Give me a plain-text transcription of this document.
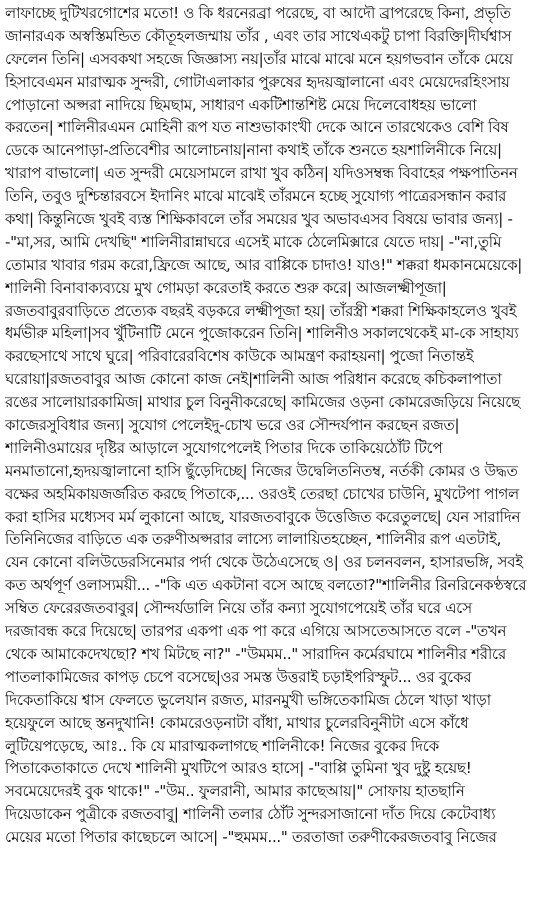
লাফাচ্ছে দুটিখরগোশের মতো! ও কি ধরনেরব্রা পরেছে, বা আদৌ ব্রাপরেছে কিনা, প্রভৃতি
জানারএক অস্বস্তিমন্ডিত কৌতূহলজম্মায় তাঁর , এবং তার সাথেএকটু চাপা বিরক্তি|দীর্ঘশ্বাস
ফেলেন তিনি| এসবকথা সহজে জিজ্ঞাস্য নয়|তাঁর মাঝে মাঝে মনে হয়গভবান তাঁকে মেয়ে
হিসাবেএমন মারাত্মক সুন্দরী, গোটাএলাকার পুরুষের হৃদয়জ্বালানো এবং মেয়েদেরহিংসায়
পোড়ানো অপ্সরা নাদিয়ে ছিমছাম, সাধারণ একটিশান্তশিষ্ট মেয়ে দিলেবোধহয় ভালো
করতেন| শালিনীরএমন মোহিনী রূপ যত নাশুভাকাংখী দেকে আনে তারথেকেও বেশি বিষ
ডেকে আনেপাড়া-প্রতিবেশীর আলোচনায়|নানা কথাই তাঁকে শুনতে হয়শালিনীকে নিয়ে|
খারাপ বাভালো| এত সুন্দরী মেয়েসামলে রাখা খুব কঠিন| যদিওসম্বন্ধ বিবাহের পক্ষপাতিনন
তিনি, তবুও দুশ্চিন্তারবসে ইদানিং মাঝে মাঝেই তাঁরমনে হচ্ছে সুযোগ্য পাত্রেরসন্ধান করার
কথা| কিন্তুনিজে খুবই ব্যস্ত শিক্ষিকাবলে তাঁর সময়ের খুব অভাবএসব বিষয়ে ভাবার জন্য| -
-"মা,সর, আমি দেখছি" শালিনীরান্নাঘরে এসেই মাকে ঠেলেমিক্সারে যেতে দায়| -"না,তুমি
তোমার খাবার গরম করো,ফ্রিজে আছে, আর বাপ্পিকে চাদাও! যাও!" শক্করা ধমকানমেয়েকে|
শালিনী বিনাবাক্যব্যয়ে মুখ গোমড়া করেতাই করতে শুরু করে| আজলক্ষ্মীপূজা|
রজতবাবুরবাড়িতে প্রত্যেক বছরই বড়করে লক্ষ্মীপূজা হয়| তাঁরস্ত্রী শক্করা শিক্ষিকাহলেও খুবই
ধর্মভীরু মহিলা|সব খুঁটিনাটি মেনে পুজোকরেন তিনি| শালিনীও সকালথেকেই মা-কে সাহায্য
করছেসাথে সাথে ঘুরে| পরিবারেরবিশেষ কাউকে আমন্ত্রণ করাহয়না| পুজো নিতান্তই
ঘরোয়া|রজতবাবুর আজ কোনো কাজ নেই|শালিনী আজ পরিধান করেছে কচিকলাপাতা
রঙের সালোয়ারকামিজ| মাথার চুল বিনুনীকরেছে| কামিজের ওড়না কোমরেজড়িয়ে নিয়েছে
কাজেরসুবিধার জন্য| সুযোগ পেলেইদু-চোখ ভরে ওর সৌন্দর্যপান করছেন রজত|
শালিনীওমায়ের দৃষ্টির আড়ালে সুযোগপেলেই পিতার দিকে তাকিয়েঠোঁট টিপে
মনমাতানো,হৃদয়জ্বালানো হাসি ছুঁড়েদিচ্ছে| নিজের উদ্বেলিতনিতম্ব, নর্তকী কোমর ও উদ্ধত
বক্ষের অহমিকায়জর্জরিত করছে পিতাকে,... ওরওই তেরছা চোখের চাউনি, মুখটেপা পাগল
করা হাসির মধ্যেসব মর্ম লুকানো আছে, যারজতবাবুকে উত্তেজিত করেতুলছে| যেন সারাদিন
তিনিনিজের বাড়িতে এক তরুণীঅপ্সরার লাস্যে লালায়িতহচ্ছেন, শালিনীর রূপ এতটাই,
যেন কোনো বলিউডেরসিনেমার পর্দা থেকে উঠেএসেছে ও| ওর চলনবলন, হাসারভঙ্গি, সবই
কত অর্থপূর্ণ ওলাস্যময়ী... -"কি এত একটানা বসে আছে বলতো?"শালিনীর রিনরিনেকণ্ঠস্বরে
সম্বিত ফেরেরজতবাবুর| সৌন্দর্যডালি নিয়ে তাঁর কন্যা সুযোগপেয়েই তাঁর ঘরে এসে
দরজাবন্ধ করে দিয়েছে| তারপর একপা এক পা করে এগিয়ে আসতেআসতে বলে -"তখন
থেকে আমাকেদেখছো? শখ মিটছে না?" -"উমমম.." সারাদিন কর্মেরঘামে শালিনীর শরীরে
পাতলাকামিজের কাপড় চেপে বসেছে|ওর সমস্ত উত্তরাই চড়াইপরিস্ফুট... ওর বুকের
দিকেতাকিয়ে শ্বাস ফেলতে ভুলেযান রজত, মারনমুখী ভঙ্গিতেকামিজ ঠেলে খাড়া খাড়া
হয়েফুলে আছে স্তনদুখানি! কোমরেওড়নাটা বাঁধা, মাথার চুলেরবিনুনীটা এসে কাঁধে
লুটিয়েপড়েছে, আঃ.. কি যে মারাত্মকলাগছে শালিনীকে! নিজের বুকের দিকে
পিতাকেতাকাতে দেখে শালিনী মুখটিপে আরও হাসে| -"বাপ্পি তুমিনা খুব দুষ্টু হয়েছ!
সবমেয়েদেরই বুক থাকে!" -"উম.. ফুলরানী, আমার কাছেআয়|" সোফায় হাতছানি
দিয়েডাকেন পুত্রীকে রজতবাবু| শালিনী তলার ঠোঁট সুন্দরসাজানো দাঁত দিয়ে কেটেবাধ্য
মেয়ের মতো পিতার কাছেচলে আসে| -"হুমমম..." তরতাজা তরুণীকেরজতবাবু নিজের
